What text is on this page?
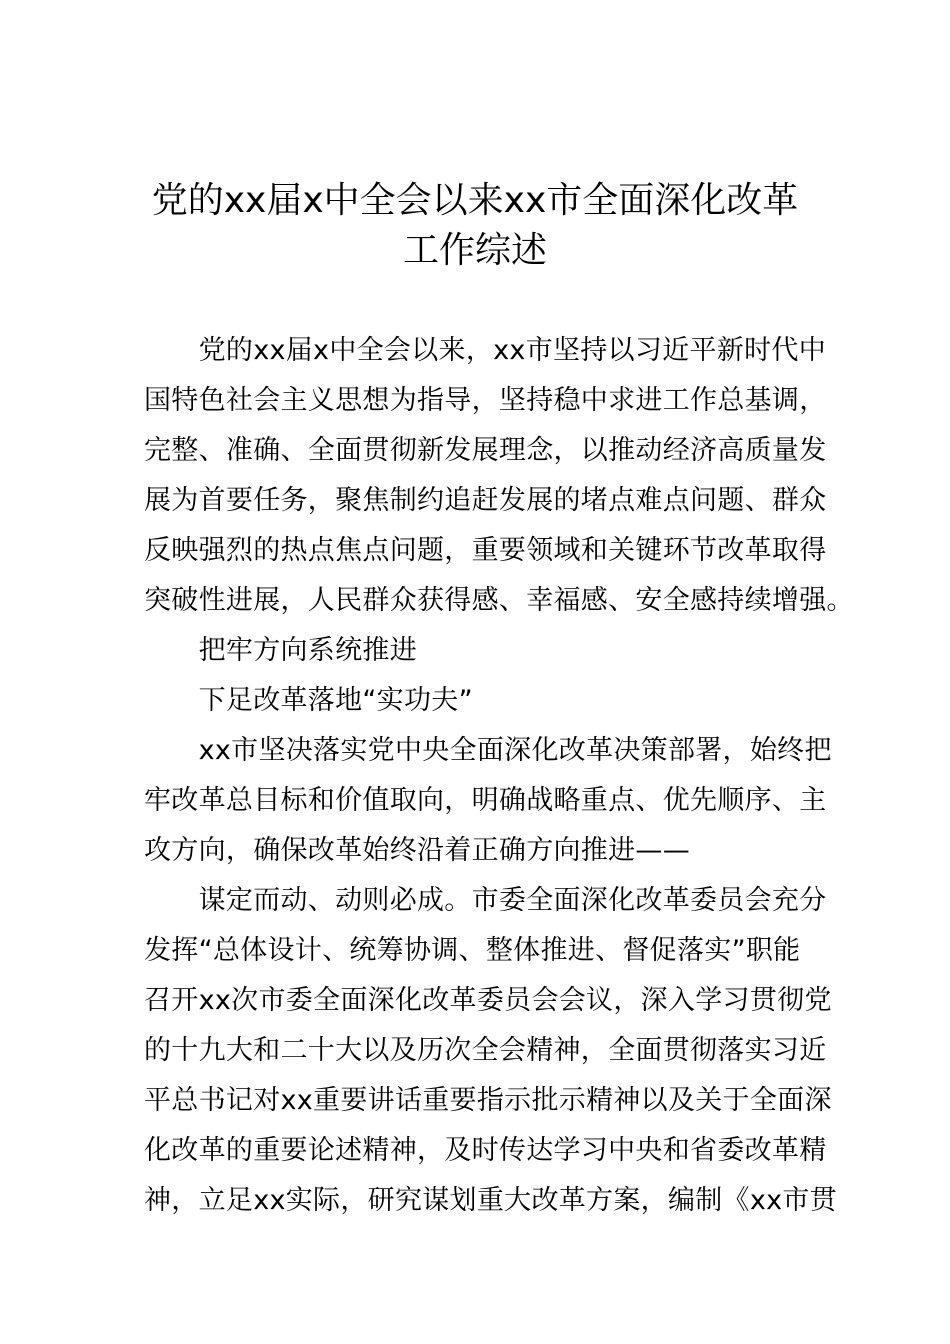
党的xx届x中全会以来xx市全面深化改革
工作综述

　　党的xx届x中全会以来，xx市坚持以习近平新时代中

国特色社会主义思想为指导，坚持稳中求进工作总基调，

完整、准确、全面贯彻新发展理念，以推动经济高质量发

展为首要任务，聚焦制约追赶发展的堵点难点问题、群众

反映强烈的热点焦点问题，重要领域和关键环节改革取得

突破性进展，人民群众获得感、幸福感、安全感持续增强。

　　把牢方向系统推进

　　下足改革落地“实功夫”

　　xx市坚决落实党中央全面深化改革决策部署，始终把

牢改革总目标和价值取向，明确战略重点、优先顺序、主

攻方向，确保改革始终沿着正确方向推进——

　　谋定而动、动则必成。市委全面深化改革委员会充分

发挥“总体设计、统筹协调、整体推进、督促落实”职能

召开xx次市委全面深化改革委员会会议，深入学习贯彻党

的十九大和二十大以及历次全会精神，全面贯彻落实习近

平总书记对xx重要讲话重要指示批示精神以及关于全面深

化改革的重要论述精神，及时传达学习中央和省委改革精

神，立足xx实际，研究谋划重大改革方案，编制《xx市贯
